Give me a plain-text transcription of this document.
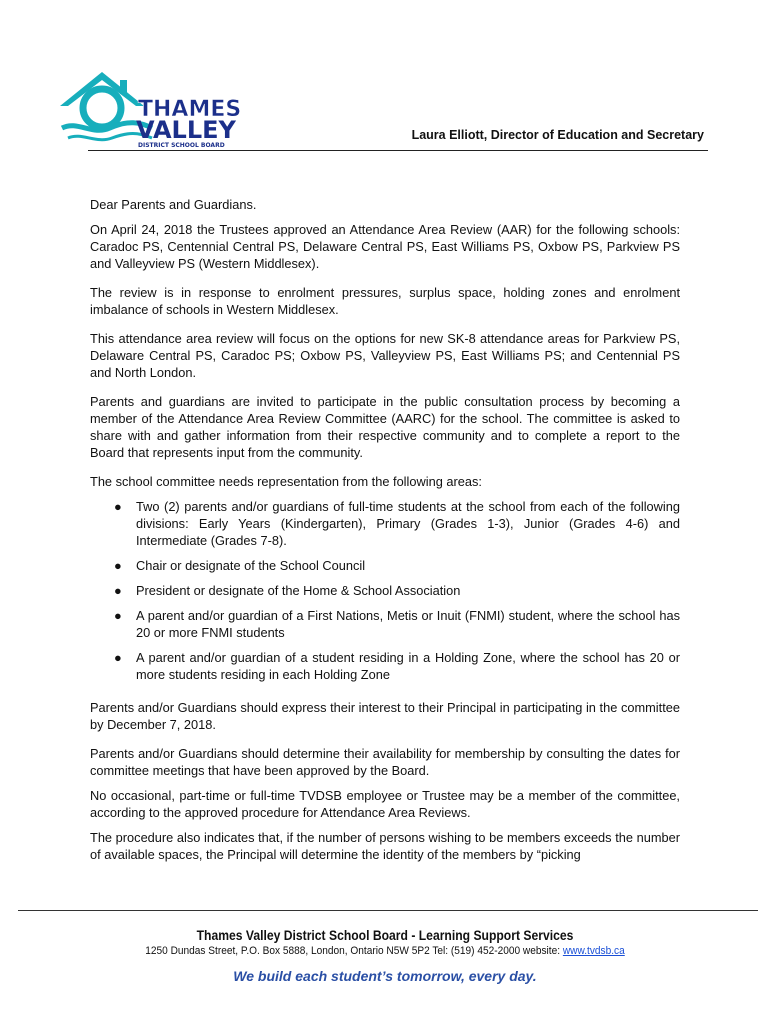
THAMES
VALLEY
DISTRICT SCHOOL BOARD
Laura Elliott, Director of Education and Secretary

Dear Parents and Guardians.

On April 24, 2018 the Trustees approved an Attendance Area Review (AAR) for the following schools: Caradoc PS, Centennial Central PS, Delaware Central PS, East Williams PS, Oxbow PS, Parkview PS and Valleyview PS (Western Middlesex).

The review is in response to enrolment pressures, surplus space, holding zones and enrolment imbalance of schools in Western Middlesex.

This attendance area review will focus on the options for new SK-8 attendance areas for Parkview PS, Delaware Central PS, Caradoc PS; Oxbow PS, Valleyview PS, East Williams PS; and Centennial PS and North London.

Parents and guardians are invited to participate in the public consultation process by becoming a member of the Attendance Area Review Committee (AARC) for the school. The committee is asked to share with and gather information from their respective community and to complete a report to the Board that represents input from the community.

The school committee needs representation from the following areas:

● Two (2) parents and/or guardians of full-time students at the school from each of the following divisions: Early Years (Kindergarten), Primary (Grades 1-3), Junior (Grades 4-6) and Intermediate (Grades 7-8).
● Chair or designate of the School Council
● President or designate of the Home & School Association
● A parent and/or guardian of a First Nations, Metis or Inuit (FNMI) student, where the school has 20 or more FNMI students
● A parent and/or guardian of a student residing in a Holding Zone, where the school has 20 or more students residing in each Holding Zone

Parents and/or Guardians should express their interest to their Principal in participating in the committee by December 7, 2018.

Parents and/or Guardians should determine their availability for membership by consulting the dates for committee meetings that have been approved by the Board.

No occasional, part-time or full-time TVDSB employee or Trustee may be a member of the committee, according to the approved procedure for Attendance Area Reviews.

The procedure also indicates that, if the number of persons wishing to be members exceeds the number of available spaces, the Principal will determine the identity of the members by “picking

Thames Valley District School Board - Learning Support Services
1250 Dundas Street, P.O. Box 5888, London, Ontario N5W 5P2 Tel: (519) 452-2000 website: www.tvdsb.ca
We build each student’s tomorrow, every day.
